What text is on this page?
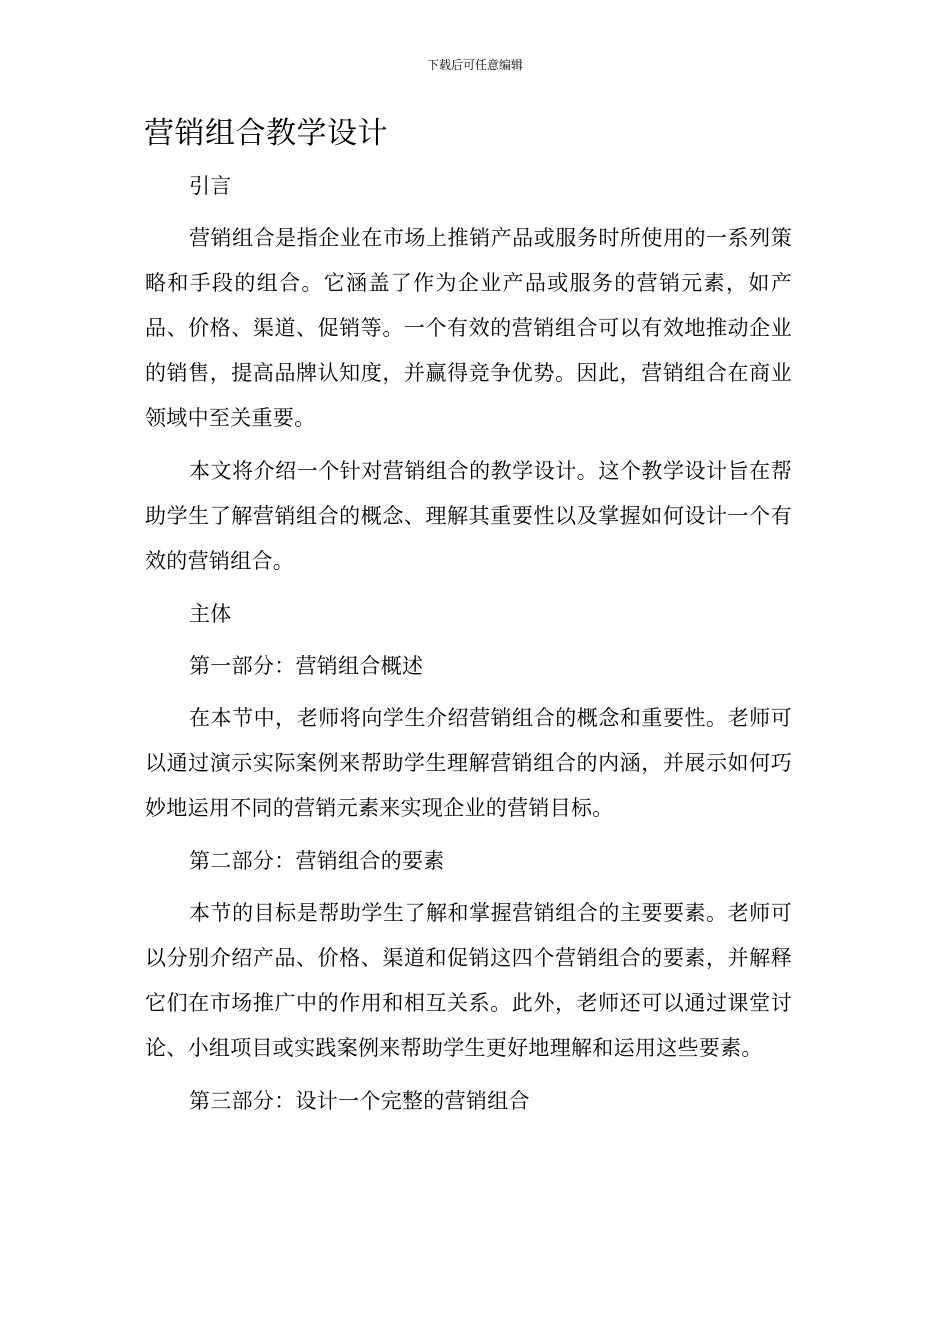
下载后可任意编辑
营销组合教学设计

引言

营销组合是指企业在市场上推销产品或服务时所使用的一系列策略和手段的组合。它涵盖了作为企业产品或服务的营销元素，如产品、价格、渠道、促销等。一个有效的营销组合可以有效地推动企业的销售，提高品牌认知度，并赢得竞争优势。因此，营销组合在商业领域中至关重要。

本文将介绍一个针对营销组合的教学设计。这个教学设计旨在帮助学生了解营销组合的概念、理解其重要性以及掌握如何设计一个有效的营销组合。

主体

第一部分：营销组合概述

在本节中，老师将向学生介绍营销组合的概念和重要性。老师可以通过演示实际案例来帮助学生理解营销组合的内涵，并展示如何巧妙地运用不同的营销元素来实现企业的营销目标。

第二部分：营销组合的要素

本节的目标是帮助学生了解和掌握营销组合的主要要素。老师可以分别介绍产品、价格、渠道和促销这四个营销组合的要素，并解释它们在市场推广中的作用和相互关系。此外，老师还可以通过课堂讨论、小组项目或实践案例来帮助学生更好地理解和运用这些要素。

第三部分：设计一个完整的营销组合
